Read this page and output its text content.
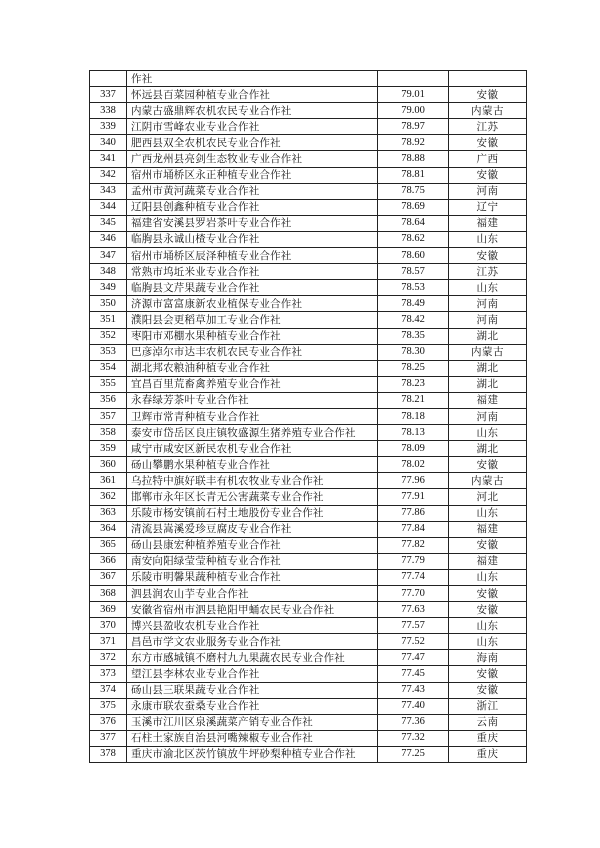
	作社		
337	怀远县百菜园种植专业合作社	79.01	安徽
338	内蒙古盛鼎辉农机农民专业合作社	79.00	内蒙古
339	江阴市雪峰农业专业合作社	78.97	江苏
340	肥西县双全农机农民专业合作社	78.92	安徽
341	广西龙州县亮剑生态牧业专业合作社	78.88	广西
342	宿州市埇桥区永正种植专业合作社	78.81	安徽
343	孟州市黄河蔬菜专业合作社	78.75	河南
344	辽阳县创鑫种植专业合作社	78.69	辽宁
345	福建省安溪县罗岩茶叶专业合作社	78.64	福建
346	临朐县永诚山楂专业合作社	78.62	山东
347	宿州市埇桥区辰泽种植专业合作社	78.60	安徽
348	常熟市坞坵米业专业合作社	78.57	江苏
349	临朐县文芹果蔬专业合作社	78.53	山东
350	济源市富富康新农业植保专业合作社	78.49	河南
351	濮阳县会更稻草加工专业合作社	78.42	河南
352	枣阳市邓棚水果种植专业合作社	78.35	湖北
353	巴彦淖尔市达丰农机农民专业合作社	78.30	内蒙古
354	湖北邦农粮油种植专业合作社	78.25	湖北
355	宜昌百里荒畜禽养殖专业合作社	78.23	湖北
356	永春绿芳茶叶专业合作社	78.21	福建
357	卫辉市常青种植专业合作社	78.18	河南
358	泰安市岱岳区良庄镇牧盛源生猪养殖专业合作社	78.13	山东
359	咸宁市咸安区新民农机专业合作社	78.09	湖北
360	砀山攀鹏水果种植专业合作社	78.02	安徽
361	乌拉特中旗好联丰有机农牧业专业合作社	77.96	内蒙古
362	邯郸市永年区长青无公害蔬菜专业合作社	77.91	河北
363	乐陵市杨安镇前石村土地股份专业合作社	77.86	山东
364	清流县嵩溪爱珍豆腐皮专业合作社	77.84	福建
365	砀山县康宏种植养殖专业合作社	77.82	安徽
366	南安向阳绿莹莹种植专业合作社	77.79	福建
367	乐陵市明馨果蔬种植专业合作社	77.74	山东
368	泗县润农山芋专业合作社	77.70	安徽
369	安徽省宿州市泗县艳阳甲蛹农民专业合作社	77.63	安徽
370	博兴县盈收农机专业合作社	77.57	山东
371	昌邑市学文农业服务专业合作社	77.52	山东
372	东方市感城镇不磨村九九果蔬农民专业合作社	77.47	海南
373	望江县李林农业专业合作社	77.45	安徽
374	砀山县三联果蔬专业合作社	77.43	安徽
375	永康市联农蚕桑专业合作社	77.40	浙江
376	玉溪市江川区泉溪蔬菜产销专业合作社	77.36	云南
377	石柱土家族自治县河嘴辣椒专业合作社	77.32	重庆
378	重庆市渝北区茨竹镇放牛坪砂梨种植专业合作社	77.25	重庆
